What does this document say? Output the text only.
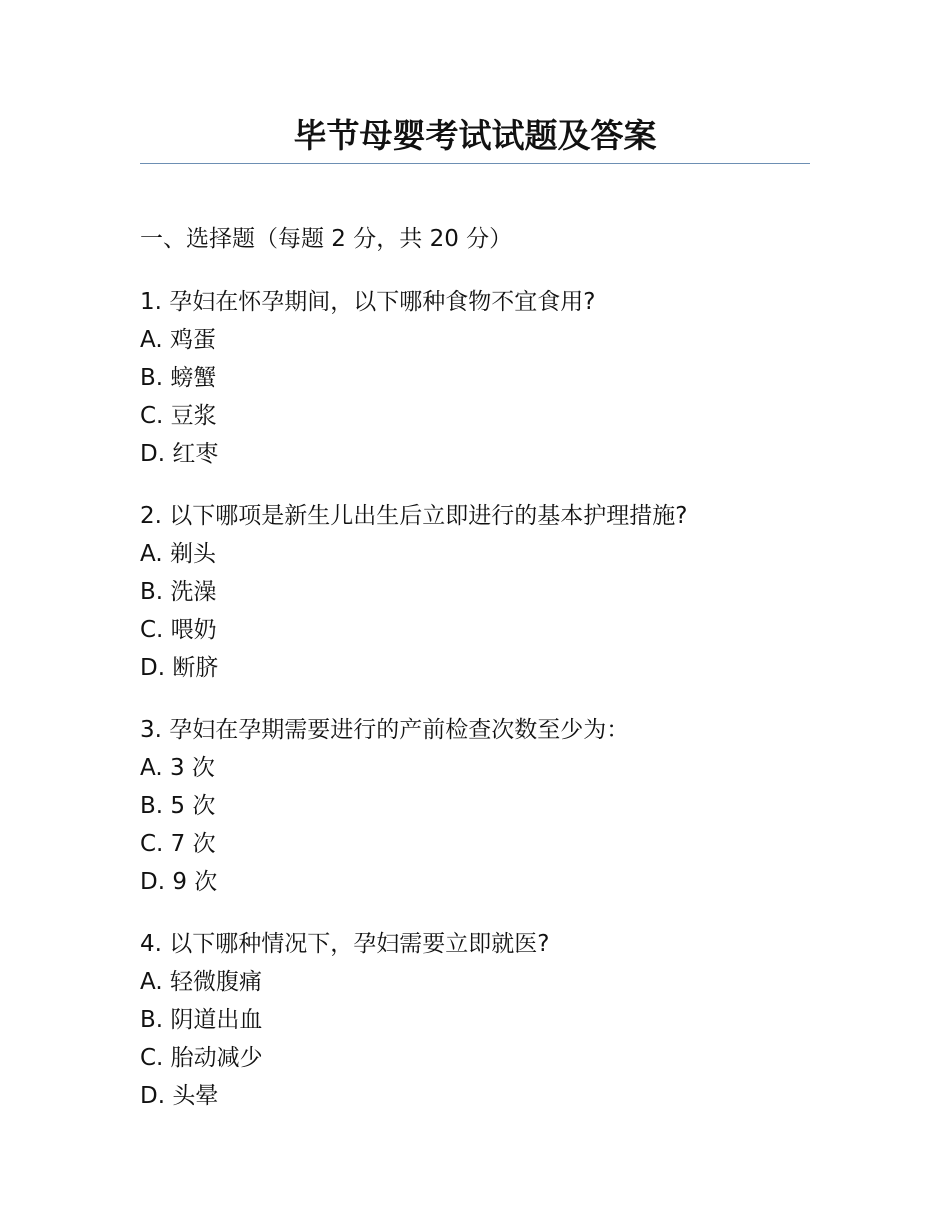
毕节母婴考试试题及答案

一、选择题（每题 2 分，共 20 分）

1. 孕妇在怀孕期间，以下哪种食物不宜食用?
A. 鸡蛋
B. 螃蟹
C. 豆浆
D. 红枣
2. 以下哪项是新生儿出生后立即进行的基本护理措施?
A. 剃头
B. 洗澡
C. 喂奶
D. 断脐
3. 孕妇在孕期需要进行的产前检查次数至少为：
A. 3 次
B. 5 次
C. 7 次
D. 9 次
4. 以下哪种情况下，孕妇需要立即就医?
A. 轻微腹痛
B. 阴道出血
C. 胎动减少
D. 头晕
